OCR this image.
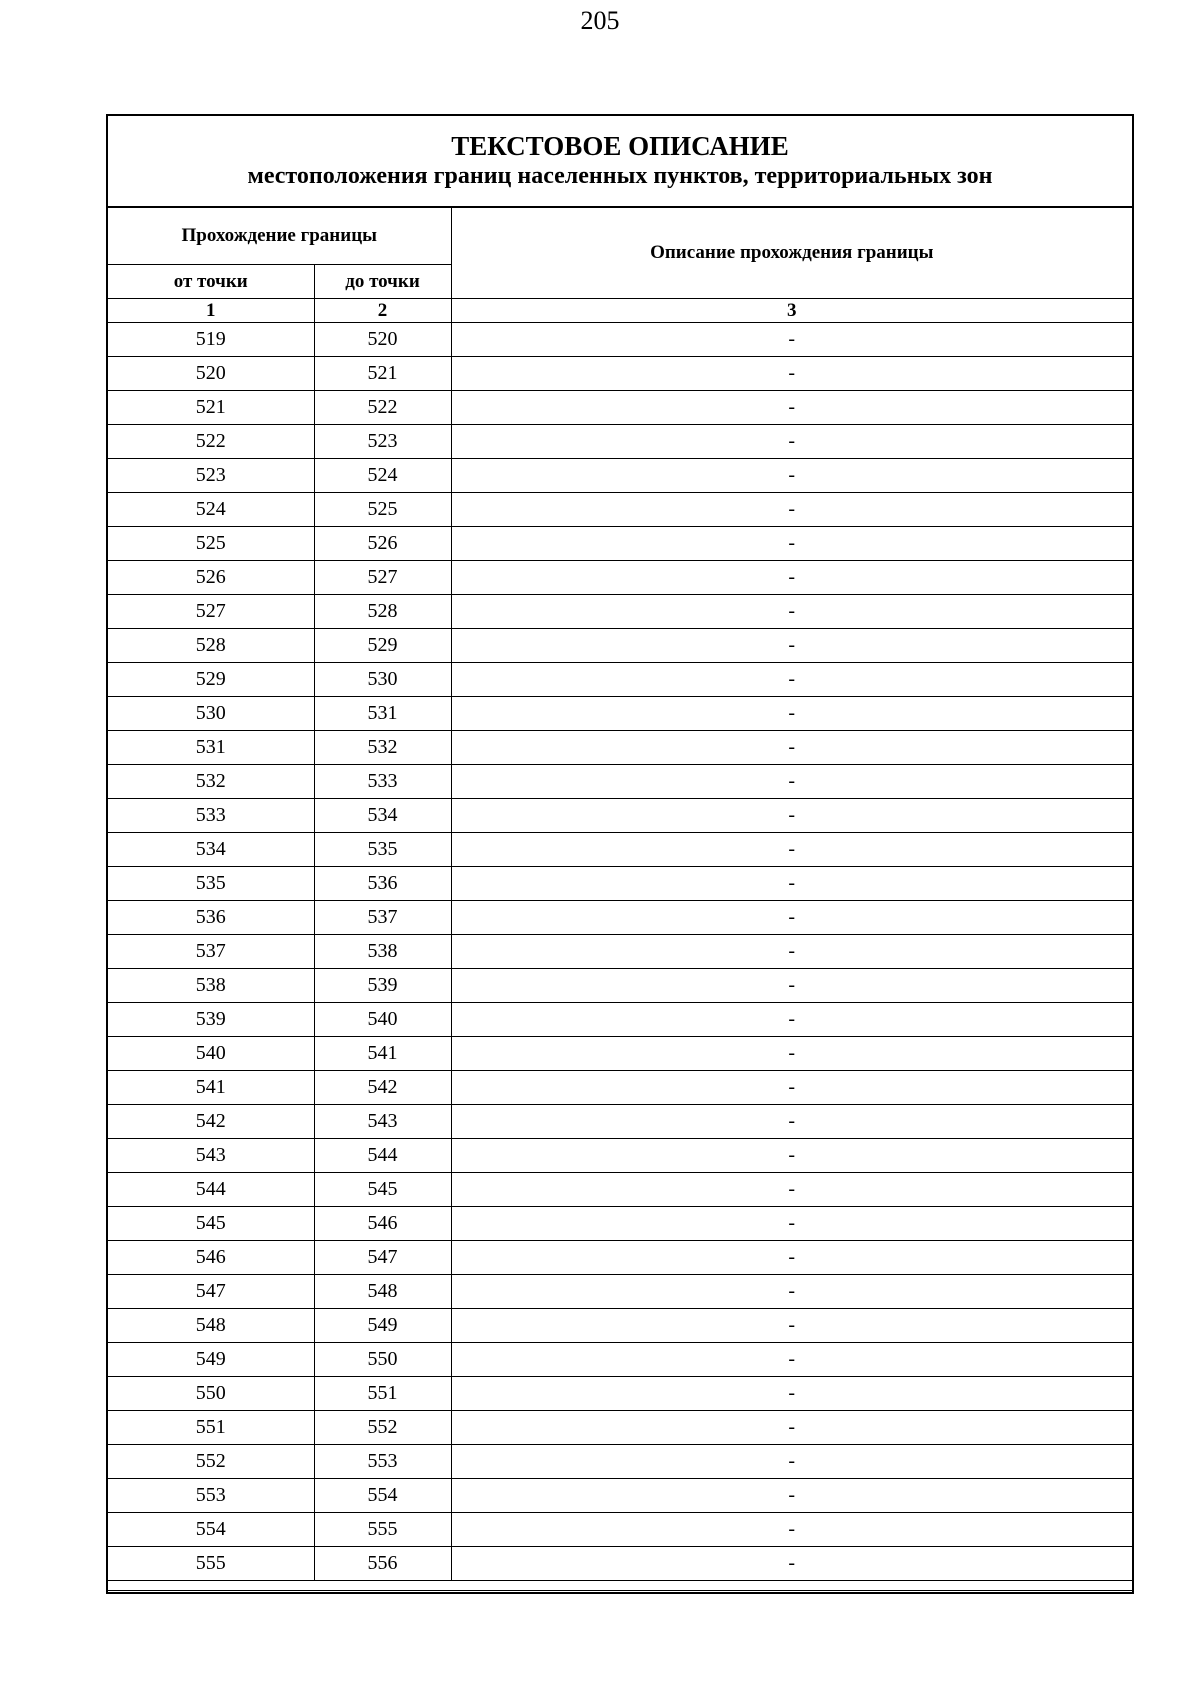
205
ТЕКСТОВОЕ ОПИСАНИЕ
местоположения границ населенных пунктов, территориальных зон
Прохождение границы		Описание прохождения границы
от точки	до точки	
1	2	3
519	520	-
520	521	-
521	522	-
522	523	-
523	524	-
524	525	-
525	526	-
526	527	-
527	528	-
528	529	-
529	530	-
530	531	-
531	532	-
532	533	-
533	534	-
534	535	-
535	536	-
536	537	-
537	538	-
538	539	-
539	540	-
540	541	-
541	542	-
542	543	-
543	544	-
544	545	-
545	546	-
546	547	-
547	548	-
548	549	-
549	550	-
550	551	-
551	552	-
552	553	-
553	554	-
554	555	-
555	556	-
